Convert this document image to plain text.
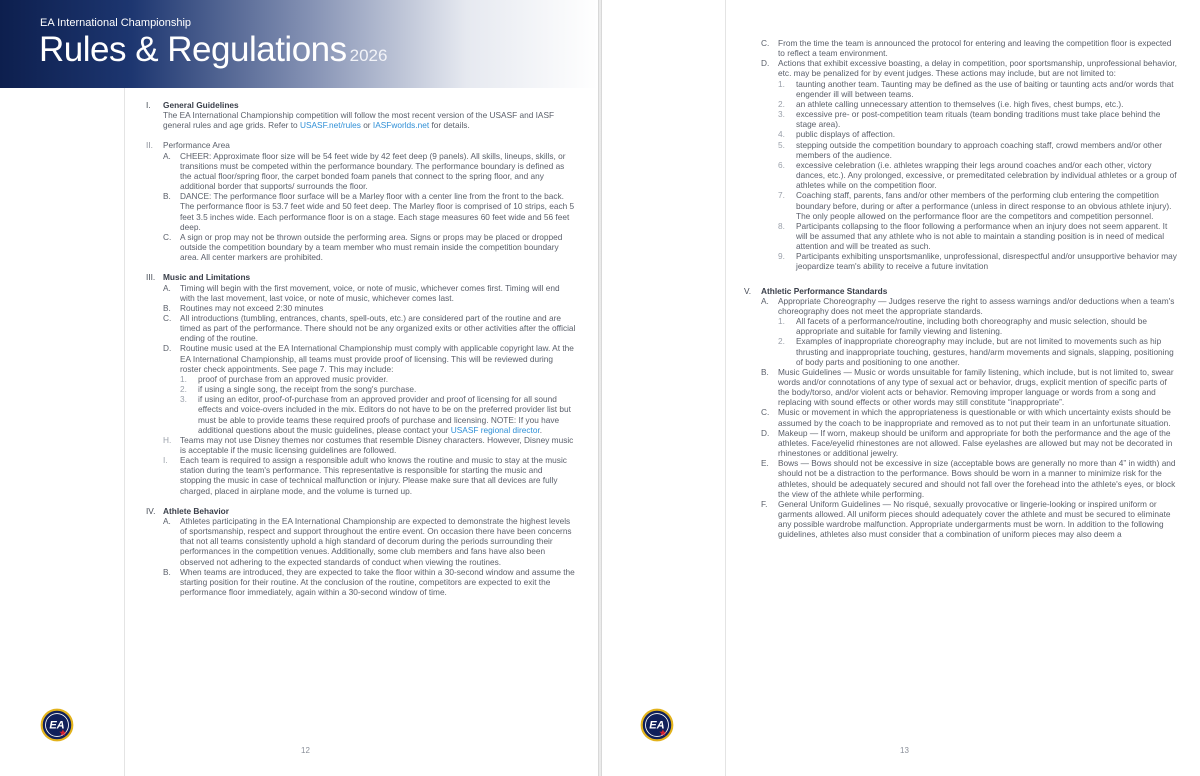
EA International Championship
Rules & Regulations 2026
I. General Guidelines

The EA International Championship competition will follow the most recent version of the USASF and IASF general rules and age grids. Refer to USASF.net/rules or IASFworlds.net for details.

II. Performance Area
A. CHEER: Approximate floor size will be 54 feet wide by 42 feet deep (9 panels). All skills, lineups, skills, or transitions must be competed within the performance boundary. The performance boundary is defined as the actual floor/spring floor, the carpet bonded foam panels that connect to the spring floor, and any additional border that supports/ surrounds the floor.
B. DANCE: The performance floor surface will be a Marley floor with a center line from the front to the back. The performance floor is 53.7 feet wide and 50 feet deep. The Marley floor is comprised of 10 strips, each 5 feet 3.5 inches wide. Each performance floor is on a stage. Each stage measures 60 feet wide and 56 feet deep.
C. A sign or prop may not be thrown outside the performing area. Signs or props may be placed or dropped outside the competition boundary by a team member who must remain inside the competition boundary area. All center markers are prohibited.
III. Music and Limitations
A. Timing will begin with the first movement, voice, or note of music, whichever comes first. Timing will end with the last movement, last voice, or note of music, whichever comes last.
B. Routines may not exceed 2:30 minutes
C. All introductions (tumbling, entrances, chants, spell-outs, etc.) are considered part of the routine and are timed as part of the performance. There should not be any organized exits or other activities after the official ending of the routine.
D. Routine music used at the EA International Championship must comply with applicable copyright law. At the EA International Championship, all teams must provide proof of licensing. This will be reviewed during roster check appointments. See page 7. This may include:
1. proof of purchase from an approved music provider.
2. if using a single song, the receipt from the song's purchase.
3. if using an editor, proof-of-purchase from an approved provider and proof of licensing for all sound effects and voice-overs included in the mix. Editors do not have to be on the preferred provider list but must be able to provide teams these required proofs of purchase and licensing. NOTE: If you have additional questions about the music guidelines, please contact your USASF regional director.
H. Teams may not use Disney themes nor costumes that resemble Disney characters. However, Disney music is acceptable if the music licensing guidelines are followed.
I. Each team is required to assign a responsible adult who knows the routine and music to stay at the music station during the team's performance. This representative is responsible for starting the music and stopping the music in case of technical malfunction or injury. Please make sure that all devices are fully charged, placed in airplane mode, and the volume is turned up.
IV. Athlete Behavior
A. Athletes participating in the EA International Championship are expected to demonstrate the highest levels of sportsmanship, respect and support throughout the entire event. On occasion there have been concerns that not all teams consistently uphold a high standard of decorum during the periods surrounding their performances in the competition venues. Additionally, some club members and fans have also been observed not adhering to the expected standards of conduct when viewing the routines.
B. When teams are introduced, they are expected to take the floor within a 30-second window and assume the starting position for their routine. At the conclusion of the routine, competitors are expected to exit the performance floor immediately, again within a 30-second window of time.
EA
12
C. From the time the team is announced the protocol for entering and leaving the competition floor is expected to reflect a team environment.
D. Actions that exhibit excessive boasting, a delay in competition, poor sportsmanship, unprofessional behavior, etc. may be penalized for by event judges. These actions may include, but are not limited to:
1. taunting another team. Taunting may be defined as the use of baiting or taunting acts and/or words that engender ill will between teams.
2. an athlete calling unnecessary attention to themselves (i.e. high fives, chest bumps, etc.).
3. excessive pre- or post-competition team rituals (team bonding traditions must take place behind the stage area).
4. public displays of affection.
5. stepping outside the competition boundary to approach coaching staff, crowd members and/or other members of the audience.
6. excessive celebration (i.e. athletes wrapping their legs around coaches and/or each other, victory dances, etc.). Any prolonged, excessive, or premeditated celebration by individual athletes or a group of athletes while on the competition floor.
7. Coaching staff, parents, fans and/or other members of the performing club entering the competition boundary before, during or after a performance (unless in direct response to an obvious athlete injury). The only people allowed on the performance floor are the competitors and competition personnel.
8. Participants collapsing to the floor following a performance when an injury does not seem apparent. It will be assumed that any athlete who is not able to maintain a standing position is in need of medical attention and will be treated as such.
9. Participants exhibiting unsportsmanlike, unprofessional, disrespectful and/or unsupportive behavior may jeopardize team's ability to receive a future invitation
V. Athletic Performance Standards
A. Appropriate Choreography — Judges reserve the right to assess warnings and/or deductions when a team's choreography does not meet the appropriate standards.
1. All facets of a performance/routine, including both choreography and music selection, should be appropriate and suitable for family viewing and listening.
2. Examples of inappropriate choreography may include, but are not limited to movements such as hip thrusting and inappropriate touching, gestures, hand/arm movements and signals, slapping, positioning of body parts and positioning to one another.
B. Music Guidelines — Music or words unsuitable for family listening, which include, but is not limited to, swear words and/or connotations of any type of sexual act or behavior, drugs, explicit mention of specific parts of the body/torso, and/or violent acts or behavior. Removing improper language or words from a song and replacing with sound effects or other words may still constitute “inappropriate”.
C. Music or movement in which the appropriateness is questionable or with which uncertainty exists should be assumed by the coach to be inappropriate and removed as to not put their team in an unfortunate situation.
D. Makeup — If worn, makeup should be uniform and appropriate for both the performance and the age of the athletes. Face/eyelid rhinestones are not allowed. False eyelashes are allowed but may not be decorated in rhinestones or additional jewelry.
E. Bows — Bows should not be excessive in size (acceptable bows are generally no more than 4” in width) and should not be a distraction to the performance. Bows should be worn in a manner to minimize risk for the athletes, should be adequately secured and should not fall over the forehead into the athlete's eyes, or block the view of the athlete while performing.
F. General Uniform Guidelines — No risqué, sexually provocative or lingerie-looking or inspired uniform or garments allowed. All uniform pieces should adequately cover the athlete and must be secured to eliminate any possible wardrobe malfunction. Appropriate undergarments must be worn. In addition to the following guidelines, athletes also must consider that a combination of uniform pieces may also deem a
EA
13
